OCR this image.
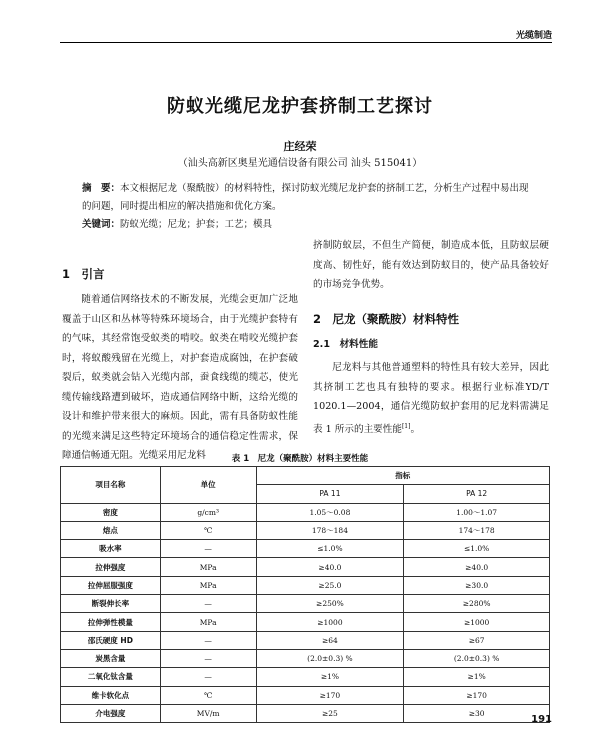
光缆制造
防蚁光缆尼龙护套挤制工艺探讨
庄经荣
（汕头高新区奥星光通信设备有限公司 汕头 515041）
摘　要：本文根据尼龙（聚酰胺）的材料特性，探讨防蚁光缆尼龙护套的挤制工艺，分析生产过程中易出现的问题，同时提出相应的解决措施和优化方案。
关键词：防蚁光缆；尼龙；护套；工艺；模具
1　引言

随着通信网络技术的不断发展，光缆会更加广泛地覆盖于山区和丛林等特殊环境场合，由于光缆护套特有的气味，其经常饱受蚁类的啃咬。蚁类在啃咬光缆护套时，将蚁酸残留在光缆上，对护套造成腐蚀，在护套破裂后，蚁类就会钻入光缆内部，蚕食线缆的缆芯，使光缆传输线路遭到破坏，造成通信网络中断，这给光缆的设计和维护带来很大的麻烦。因此，需有具备防蚁性能的光缆来满足这些特定环境场合的通信稳定性需求，保障通信畅通无阻。光缆采用尼龙料

挤制防蚁层，不但生产简便，制造成本低，且防蚁层硬度高、韧性好，能有效达到防蚁目的，使产品具备较好的市场竞争优势。

2　尼龙（聚酰胺）材料特性
2.1　材料性能

尼龙料与其他普通塑料的特性具有较大差异，因此其挤制工艺也具有独特的要求。根据行业标准YD/T 1020.1—2004，通信光缆防蚁护套用的尼龙料需满足表 1 所示的主要性能[1]。

表 1　尼龙（聚酰胺）材料主要性能
项目名称	单位	指标	
		PA 11	PA 12
密度	g/cm³	1.05～0.08	1.00～1.07
熔点	℃	178～184	174～178
吸水率	—	≤1.0%	≤1.0%
拉伸强度	MPa	≥40.0	≥40.0
拉伸屈服强度	MPa	≥25.0	≥30.0
断裂伸长率	—	≥250%	≥280%
拉伸弹性模量	MPa	≥1000	≥1000
邵氏硬度 HD	—	≥64	≥67
炭黑含量	—	(2.0±0.3) %	(2.0±0.3) %
二氧化钛含量	—	≥1%	≥1%
维卡软化点	℃	≥170	≥170
介电强度	MV/m	≥25	≥30
191
